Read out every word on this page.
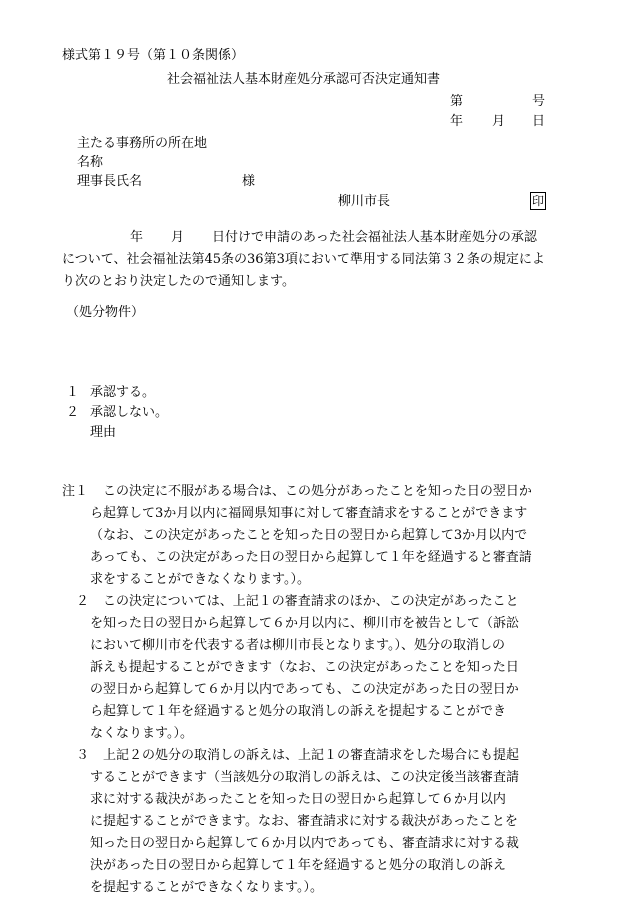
様式第１９号（第１０条関係）
社会福祉法人基本財産処分承認可否決定通知書
第	号
年 月 日
主たる事務所の所在地
名称
理事長氏名	様
柳川市長	印
年 月 日付けで申請のあった社会福祉法人基本財産処分の承認
について、社会福祉法第45条の36第3項において準用する同法第３２条の規定によ
り次のとおり決定したので通知します。
（処分物件）
１ 承認する。
２ 承認しない。
理由
注１	この決定に不服がある場合は、この処分があったことを知った日の翌日か
ら起算して3か月以内に福岡県知事に対して審査請求をすることができます
（なお、この決定があったことを知った日の翌日から起算して3か月以内で
あっても、この決定があった日の翌日から起算して１年を経過すると審査請
求をすることができなくなります。）。
２	この決定については、上記１の審査請求のほか、この決定があったこと
を知った日の翌日から起算して６か月以内に、柳川市を被告として（訴訟
において柳川市を代表する者は柳川市長となります。）、処分の取消しの
訴えも提起することができます（なお、この決定があったことを知った日
の翌日から起算して６か月以内であっても、この決定があった日の翌日か
ら起算して１年を経過すると処分の取消しの訴えを提起することができ
なくなります。）。
３	上記２の処分の取消しの訴えは、上記１の審査請求をした場合にも提起
することができます（当該処分の取消しの訴えは、この決定後当該審査請
求に対する裁決があったことを知った日の翌日から起算して６か月以内
に提起することができます。なお、審査請求に対する裁決があったことを
知った日の翌日から起算して６か月以内であっても、審査請求に対する裁
決があった日の翌日から起算して１年を経過すると処分の取消しの訴え
を提起することができなくなります。）。
